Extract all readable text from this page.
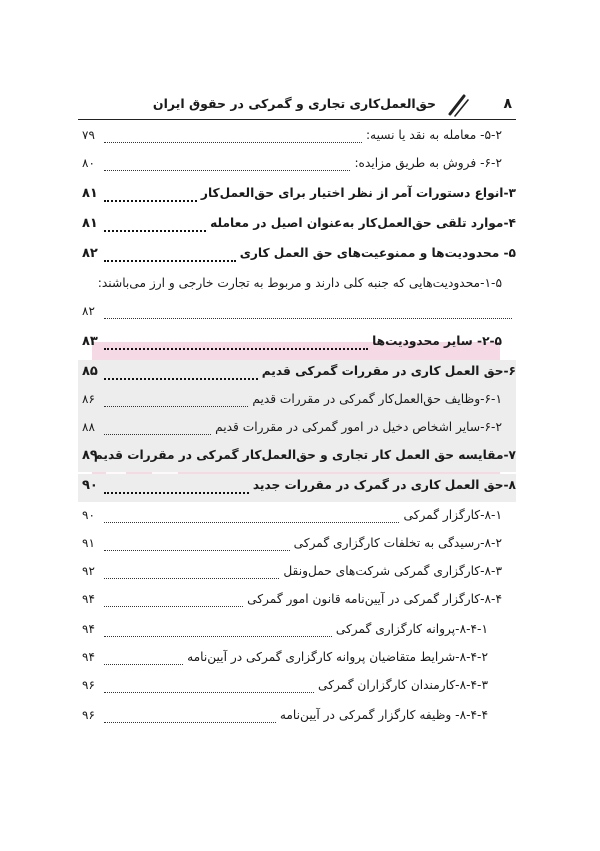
۸
حق‌العمل‌کاری تجاری و گمرکی در حقوق ایران
۵-۲- معامله به نقد یا نسیه:
۷۹
۶-۲- فروش به طریق مزایده:
۸۰
۳-انواع دستورات آمر از نظر اختیار برای حق‌العمل‌کار
۸۱
۴-موارد تلقی حق‌العمل‌کار به‌عنوان اصیل در معامله
۸۱
۵- محدودیت‌ها و ممنوعیت‌های حق العمل کاری
۸۲
۱-۵-محدودیت‌هایی که جنبه کلی دارند و مربوط به تجارت خارجی و ارز می‌باشند:
۸۲
۲-۵- سایر محدودیت‌ها
۸۳
۶-حق العمل کاری در مقررات گمرکی قدیم
۸۵
۶-۱-وظایف حق‌العمل‌کار گمرکی در مقررات قدیم
۸۶
۶-۲-سایر اشخاص دخیل در امور گمرکی در مقررات قدیم
۸۸
۷-مقایسه حق العمل کار تجاری و حق‌العمل‌کار گمرکی در مقررات قدیم
۸۹
۸-حق العمل کاری در گمرک در مقررات جدید
۹۰
۸-۱-کارگزار گمرکی
۹۰
۸-۲-رسیدگی به تخلفات کارگزاری گمرکی
۹۱
۸-۳-کارگزاری گمرکی شرکت‌های حمل‌ونقل
۹۲
۸-۴-کارگزار گمرکی در آیین‌نامه قانون امور گمرکی
۹۴
۸-۴-۱-پروانه کارگزاری گمرکی
۹۴
۸-۴-۲-شرایط متقاضیان پروانه کارگزاری گمرکی در آیین‌نامه
۹۴
۸-۴-۳-کارمندان کارگزاران گمرکی
۹۶
۸-۴-۴- وظیفه کارگزار گمرکی در آیین‌نامه
۹۶
